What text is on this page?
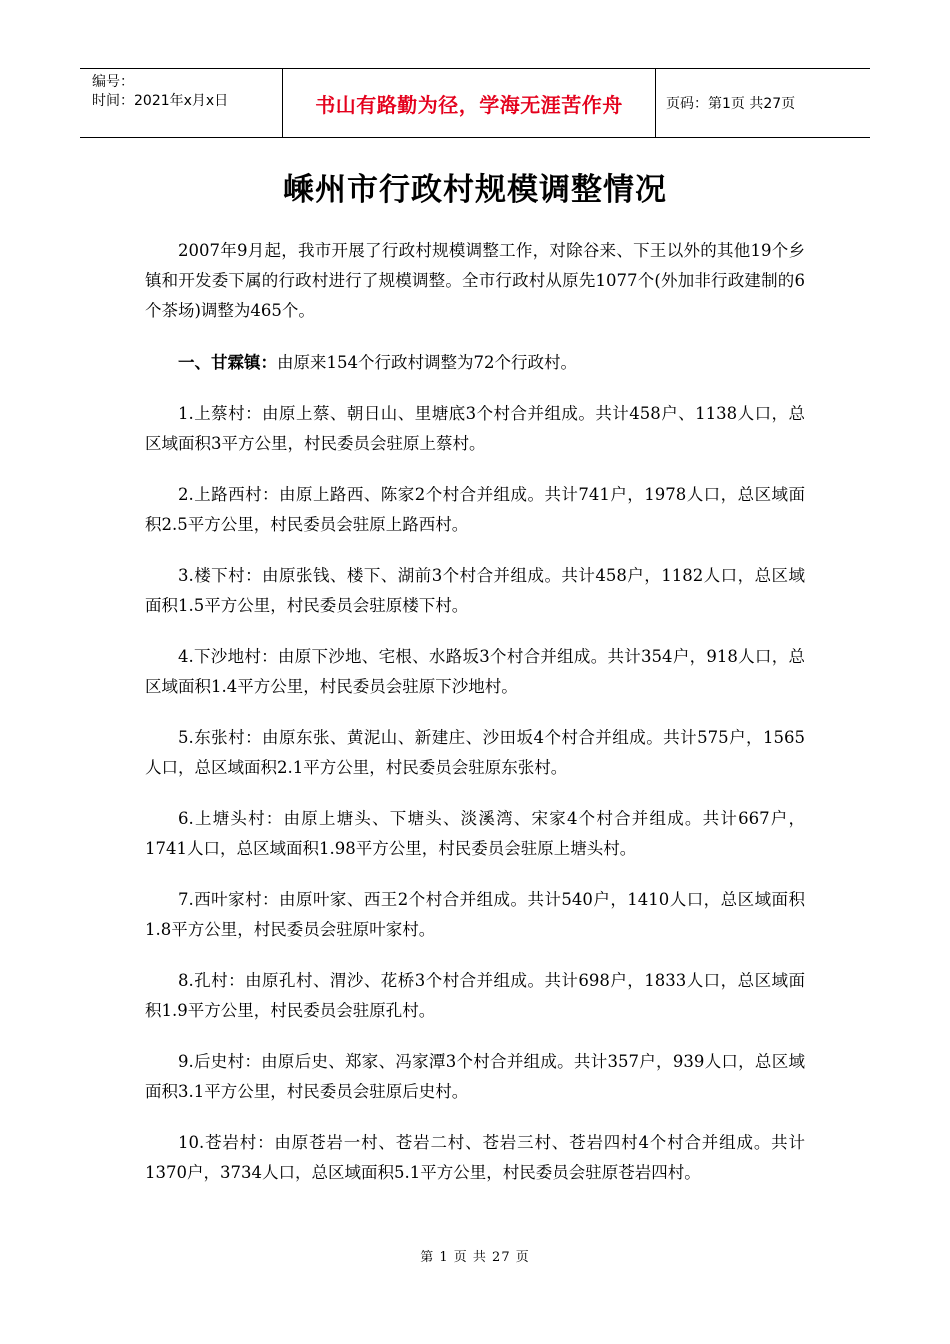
编号：
时间：2021年x月x日	书山有路勤为径，学海无涯苦作舟	页码：第1页 共27页
嵊州市行政村规模调整情况

2007年9月起，我市开展了行政村规模调整工作，对除谷来、下王以外的其他19个乡镇和开发委下属的行政村进行了规模调整。全市行政村从原先1077个(外加非行政建制的6个茶场)调整为465个。

一、甘霖镇：由原来154个行政村调整为72个行政村。

1.上蔡村：由原上蔡、朝日山、里塘底3个村合并组成。共计458户、1138人口，总区域面积3平方公里，村民委员会驻原上蔡村。

2.上路西村：由原上路西、陈家2个村合并组成。共计741户，1978人口，总区域面积2.5平方公里，村民委员会驻原上路西村。

3.楼下村：由原张钱、楼下、湖前3个村合并组成。共计458户，1182人口，总区域面积1.5平方公里，村民委员会驻原楼下村。

4.下沙地村：由原下沙地、宅根、水路坂3个村合并组成。共计354户，918人口，总区域面积1.4平方公里，村民委员会驻原下沙地村。

5.东张村：由原东张、黄泥山、新建庄、沙田坂4个村合并组成。共计575户，1565人口，总区域面积2.1平方公里，村民委员会驻原东张村。

6.上塘头村：由原上塘头、下塘头、淡溪湾、宋家4个村合并组成。共计667户，1741人口，总区域面积1.98平方公里，村民委员会驻原上塘头村。

7.西叶家村：由原叶家、西王2个村合并组成。共计540户，1410人口，总区域面积1.8平方公里，村民委员会驻原叶家村。

8.孔村：由原孔村、渭沙、花桥3个村合并组成。共计698户，1833人口，总区域面积1.9平方公里，村民委员会驻原孔村。

9.后史村：由原后史、郑家、冯家潭3个村合并组成。共计357户，939人口，总区域面积3.1平方公里，村民委员会驻原后史村。

10.苍岩村：由原苍岩一村、苍岩二村、苍岩三村、苍岩四村4个村合并组成。共计1370户，3734人口，总区域面积5.1平方公里，村民委员会驻原苍岩四村。

第 1 页 共 27 页
